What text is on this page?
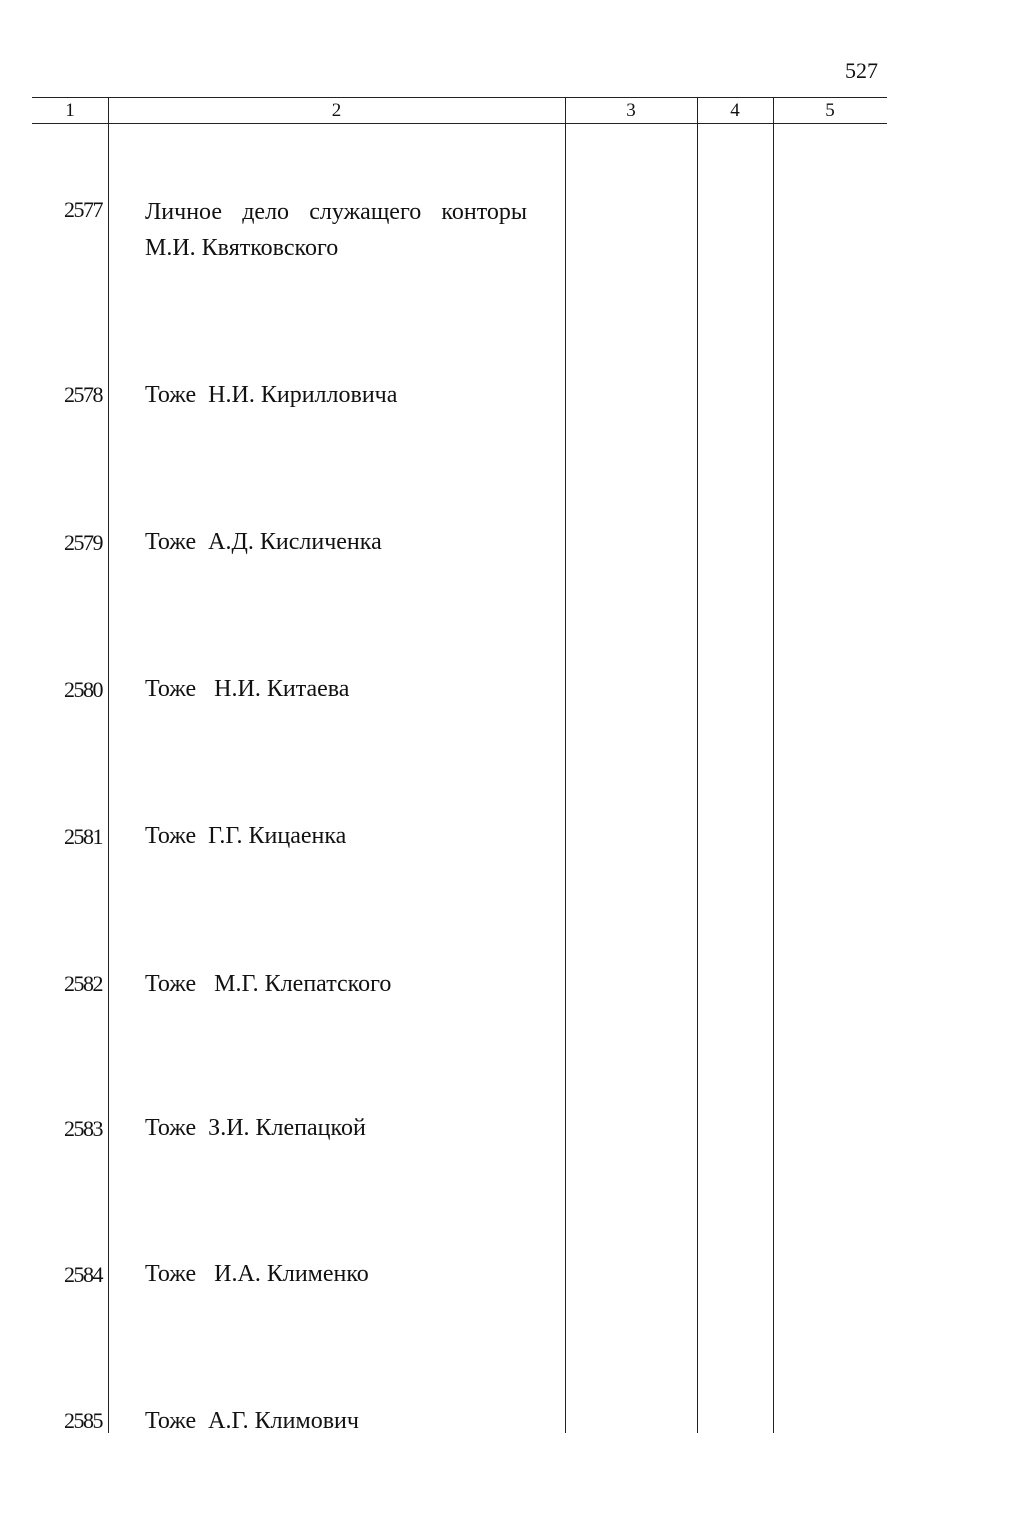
527
1	2	3	4	5
2577 Личное дело служащего конторы
М.И. Квятковского
2578 Тоже  Н.И. Кирилловича
2579 Тоже  А.Д. Кисличенка
2580 Тоже   Н.И. Китаева
2581 Тоже  Г.Г. Кицаенка
2582 Тоже   М.Г. Клепатского
2583 Тоже  З.И. Клепацкой
2584 Тоже   И.А. Клименко
2585 Тоже  А.Г. Климович
